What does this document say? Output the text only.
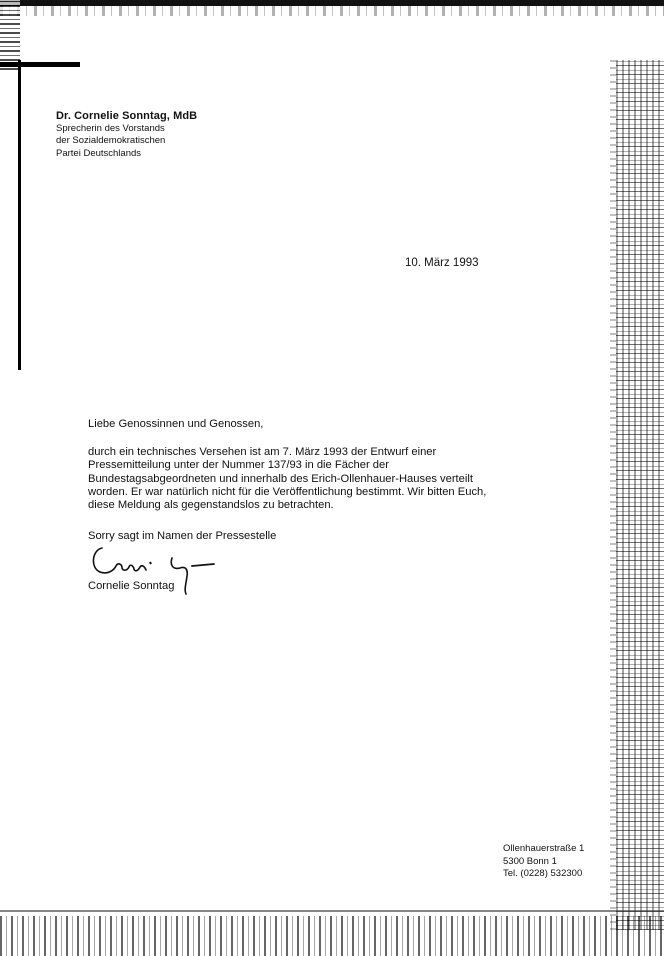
Dr. Cornelie Sonntag, MdB
Sprecherin des Vorstands
der Sozialdemokratischen
Partei Deutschlands
10. März 1993
Liebe Genossinnen und Genossen,
durch ein technisches Versehen ist am 7. März 1993 der Entwurf einer
Pressemitteilung unter der Nummer 137/93 in die Fächer der
Bundestagsabgeordneten und innerhalb des Erich-Ollenhauer-Hauses verteilt
worden. Er war natürlich nicht für die Veröffentlichung bestimmt. Wir bitten Euch,
diese Meldung als gegenstandslos zu betrachten.
Sorry sagt im Namen der Pressestelle
Cornelie Sonntag
Ollenhauerstraße 1
5300 Bonn 1
Tel. (0228) 532300
